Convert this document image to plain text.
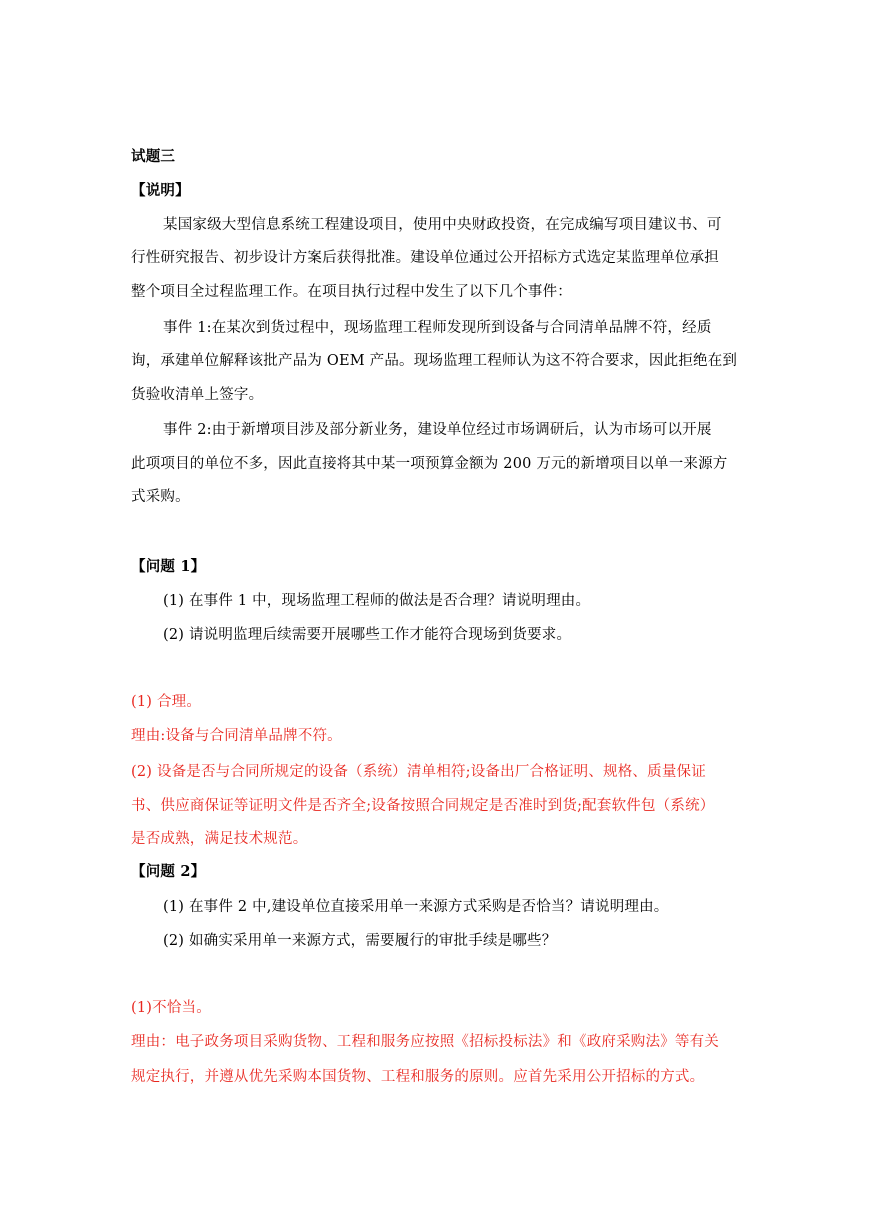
试题三
【说明】
某国家级大型信息系统工程建设项目，使用中央财政投资，在完成编写项目建议书、可
行性研究报告、初步设计方案后获得批准。建设单位通过公开招标方式选定某监理单位承担
整个项目全过程监理工作。在项目执行过程中发生了以下几个事件：
事件 1:在某次到货过程中，现场监理工程师发现所到设备与合同清单品牌不符，经质
询，承建单位解释该批产品为 OEM 产品。现场监理工程师认为这不符合要求，因此拒绝在到
货验收清单上签字。
事件 2:由于新增项目涉及部分新业务，建设单位经过市场调研后，认为市场可以开展
此项项目的单位不多，因此直接将其中某一项预算金额为 200 万元的新增项目以单一来源方
式采购。
【问题 1】
(1) 在事件 1 中，现场监理工程师的做法是否合理？请说明理由。
(2) 请说明监理后续需要开展哪些工作才能符合现场到货要求。
(1) 合理。
理由:设备与合同清单品牌不符。
(2) 设备是否与合同所规定的设备（系统）清单相符;设备出厂合格证明、规格、质量保证
书、供应商保证等证明文件是否齐全;设备按照合同规定是否准时到货;配套软件包（系统）
是否成熟，满足技术规范。
【问题 2】
(1) 在事件 2 中,建设单位直接采用单一来源方式采购是否恰当？请说明理由。
(2) 如确实采用单一来源方式，需要履行的审批手续是哪些？
(1)不恰当。
理由：电子政务项目采购货物、工程和服务应按照《招标投标法》和《政府采购法》等有关
规定执行，并遵从优先采购本国货物、工程和服务的原则。应首先采用公开招标的方式。
